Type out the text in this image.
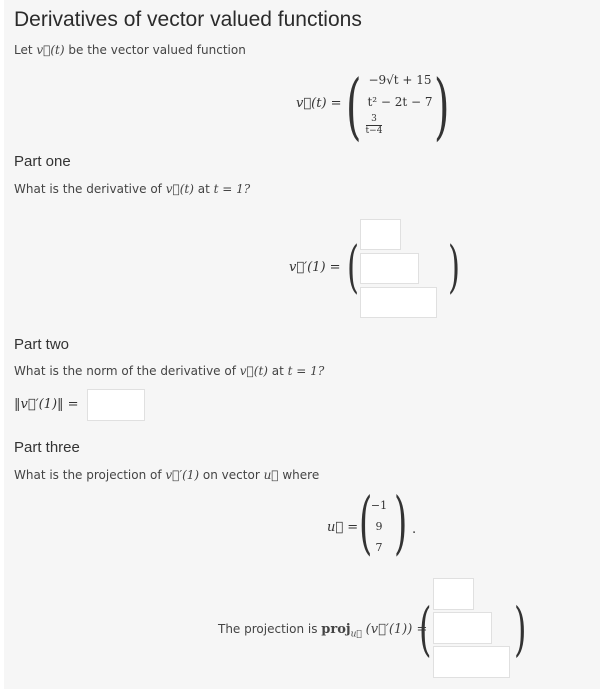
Derivatives of vector valued functions
Let v⃗(t) be the vector valued function
v⃗(t) = ( −9√t + 15
t² − 2t − 7
$\frac{3}{t-4}$ )
Part one
What is the derivative of v⃗(t) at t = 1?
v⃗′(1) = ( )
Part two
What is the norm of the derivative of v⃗(t) at t = 1?
‖v⃗′(1)‖ =
Part three
What is the projection of v⃗′(1) on vector u⃗ where
u⃗ = (
−1
9
7 ) .
The projection is proj$_{u⃗}$ (v⃗′(1)) =
( )
